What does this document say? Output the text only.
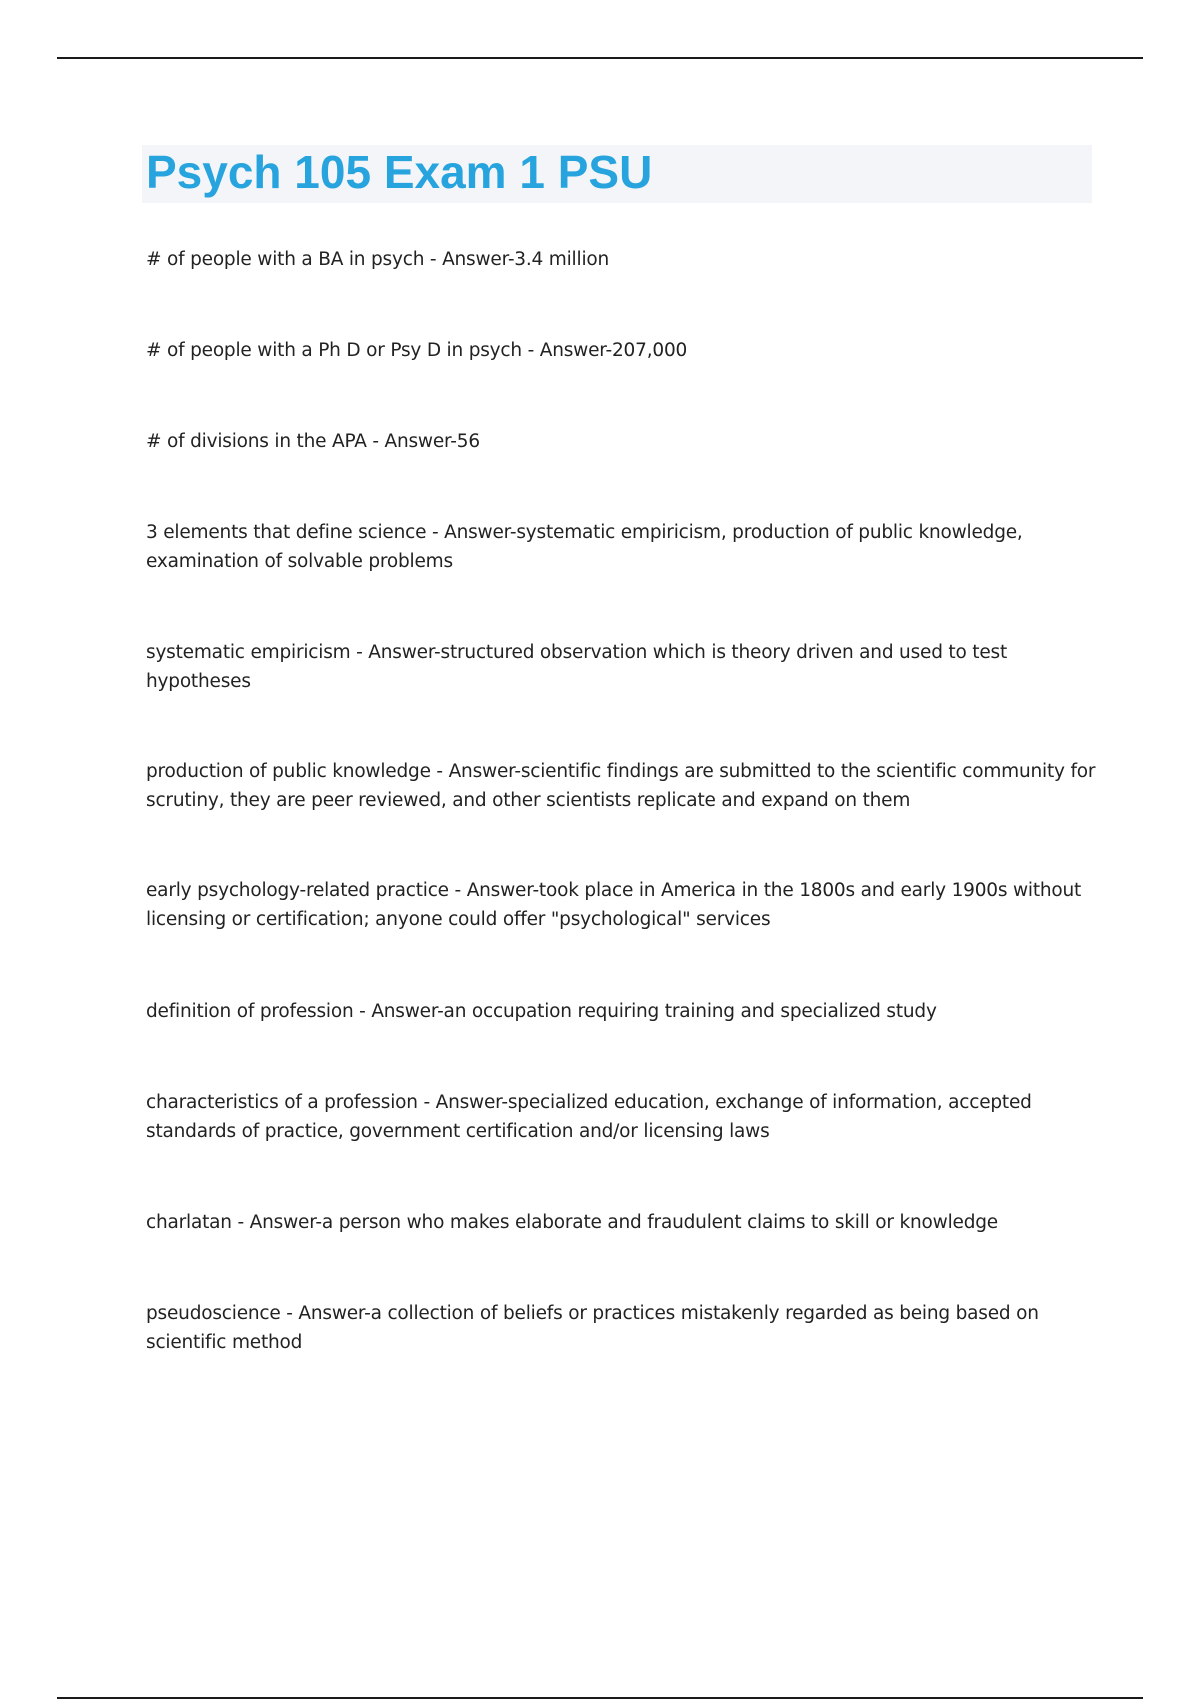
Psych 105 Exam 1 PSU

# of people with a BA in psych - Answer-3.4 million

# of people with a Ph D or Psy D in psych - Answer-207,000

# of divisions in the APA - Answer-56

3 elements that define science - Answer-systematic empiricism, production of public knowledge, examination of solvable problems

systematic empiricism - Answer-structured observation which is theory driven and used to test hypotheses

production of public knowledge - Answer-scientific findings are submitted to the scientific community for scrutiny, they are peer reviewed, and other scientists replicate and expand on them

early psychology-related practice - Answer-took place in America in the 1800s and early 1900s without licensing or certification; anyone could offer "psychological" services

definition of profession - Answer-an occupation requiring training and specialized study

characteristics of a profession - Answer-specialized education, exchange of information, accepted standards of practice, government certification and/or licensing laws

charlatan - Answer-a person who makes elaborate and fraudulent claims to skill or knowledge

pseudoscience - Answer-a collection of beliefs or practices mistakenly regarded as being based on scientific method
